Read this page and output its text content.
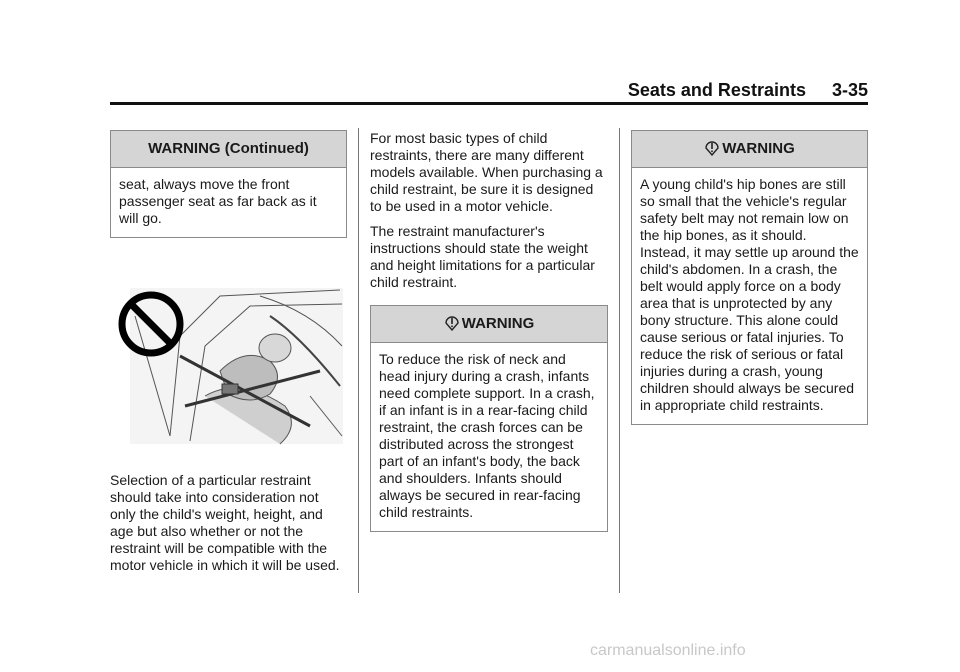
Seats and Restraints 3-35
WARNING (Continued)
seat, always move the front passenger seat as far back as it will go.

Selection of a particular restraint should take into consideration not only the child's weight, height, and age but also whether or not the restraint will be compatible with the motor vehicle in which it will be used.

For most basic types of child restraints, there are many different models available. When purchasing a child restraint, be sure it is designed to be used in a motor vehicle.

The restraint manufacturer's instructions should state the weight and height limitations for a particular child restraint.

WARNING
To reduce the risk of neck and head injury during a crash, infants need complete support. In a crash, if an infant is in a rear-facing child restraint, the crash forces can be distributed across the strongest part of an infant's body, the back and shoulders. Infants should always be secured in rear-facing child restraints.
WARNING
A young child's hip bones are still so small that the vehicle's regular safety belt may not remain low on the hip bones, as it should. Instead, it may settle up around the child's abdomen. In a crash, the belt would apply force on a body area that is unprotected by any bony structure. This alone could cause serious or fatal injuries. To reduce the risk of serious or fatal injuries during a crash, young children should always be secured in appropriate child restraints.
carmanualsonline.info
